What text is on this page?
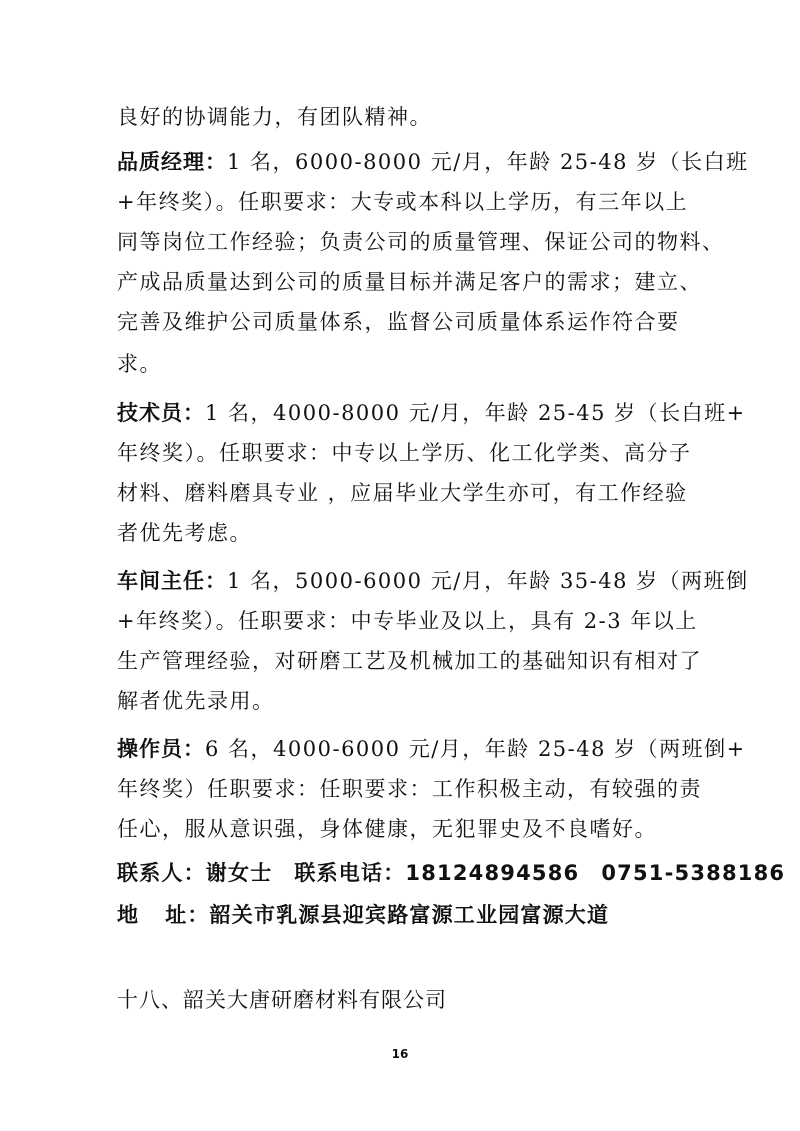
良好的协调能力，有团队精神。
品质经理：1 名，6000-8000 元/月，年龄 25-48 岁（长白班
+年终奖）。任职要求：大专或本科以上学历，有三年以上
同等岗位工作经验；负责公司的质量管理、保证公司的物料、
产成品质量达到公司的质量目标并满足客户的需求；建立、
完善及维护公司质量体系，监督公司质量体系运作符合要
求。
技术员：1 名，4000-8000 元/月，年龄 25-45 岁（长白班+
年终奖）。任职要求：中专以上学历、化工化学类、高分子
材料、磨料磨具专业 ，应届毕业大学生亦可，有工作经验
者优先考虑。
车间主任：1 名，5000-6000 元/月，年龄 35-48 岁（两班倒
+年终奖）。任职要求：中专毕业及以上，具有 2-3 年以上
生产管理经验，对研磨工艺及机械加工的基础知识有相对了
解者优先录用。
操作员：6 名，4000-6000 元/月，年龄 25-48 岁（两班倒+
年终奖）任职要求：任职要求：工作积极主动，有较强的责
任心，服从意识强，身体健康，无犯罪史及不良嗜好。
联系人：谢女士 联系电话：18124894586 0751-5388186
地 址：韶关市乳源县迎宾路富源工业园富源大道
十八、韶关大唐研磨材料有限公司
16
